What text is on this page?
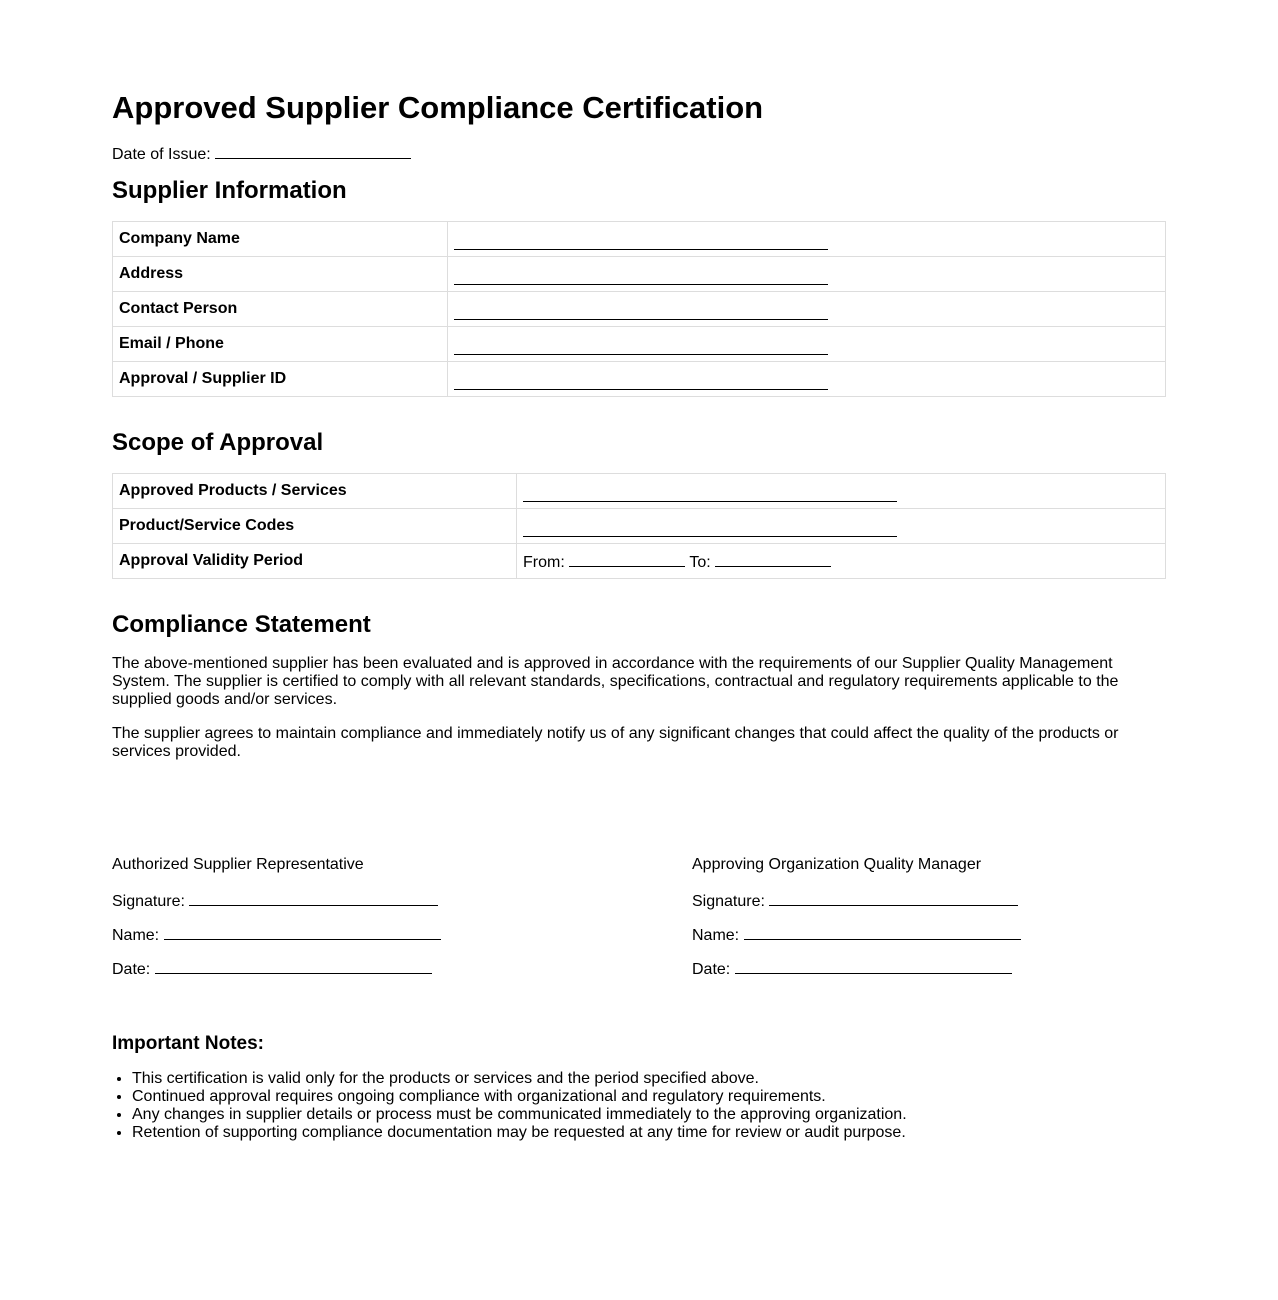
Approved Supplier Compliance Certification
Date of Issue:
Supplier Information
Company Name	
Address	
Contact Person	
Email / Phone	
Approval / Supplier ID	
Scope of Approval
Approved Products / Services	
Product/Service Codes	
Approval Validity Period	From: To:
Compliance Statement

The above-mentioned supplier has been evaluated and is approved in accordance with the requirements of our Supplier Quality Management System. The supplier is certified to comply with all relevant standards, specifications, contractual and regulatory requirements applicable to the supplied goods and/or services.

The supplier agrees to maintain compliance and immediately notify us of any significant changes that could affect the quality of the products or services provided.

Authorized Supplier Representative
Signature:
Name:
Date:
Approving Organization Quality Manager
Signature:
Name:
Date:
Important Notes:
• This certification is valid only for the products or services and the period specified above.
• Continued approval requires ongoing compliance with organizational and regulatory requirements.
• Any changes in supplier details or process must be communicated immediately to the approving organization.
• Retention of supporting compliance documentation may be requested at any time for review or audit purpose.
